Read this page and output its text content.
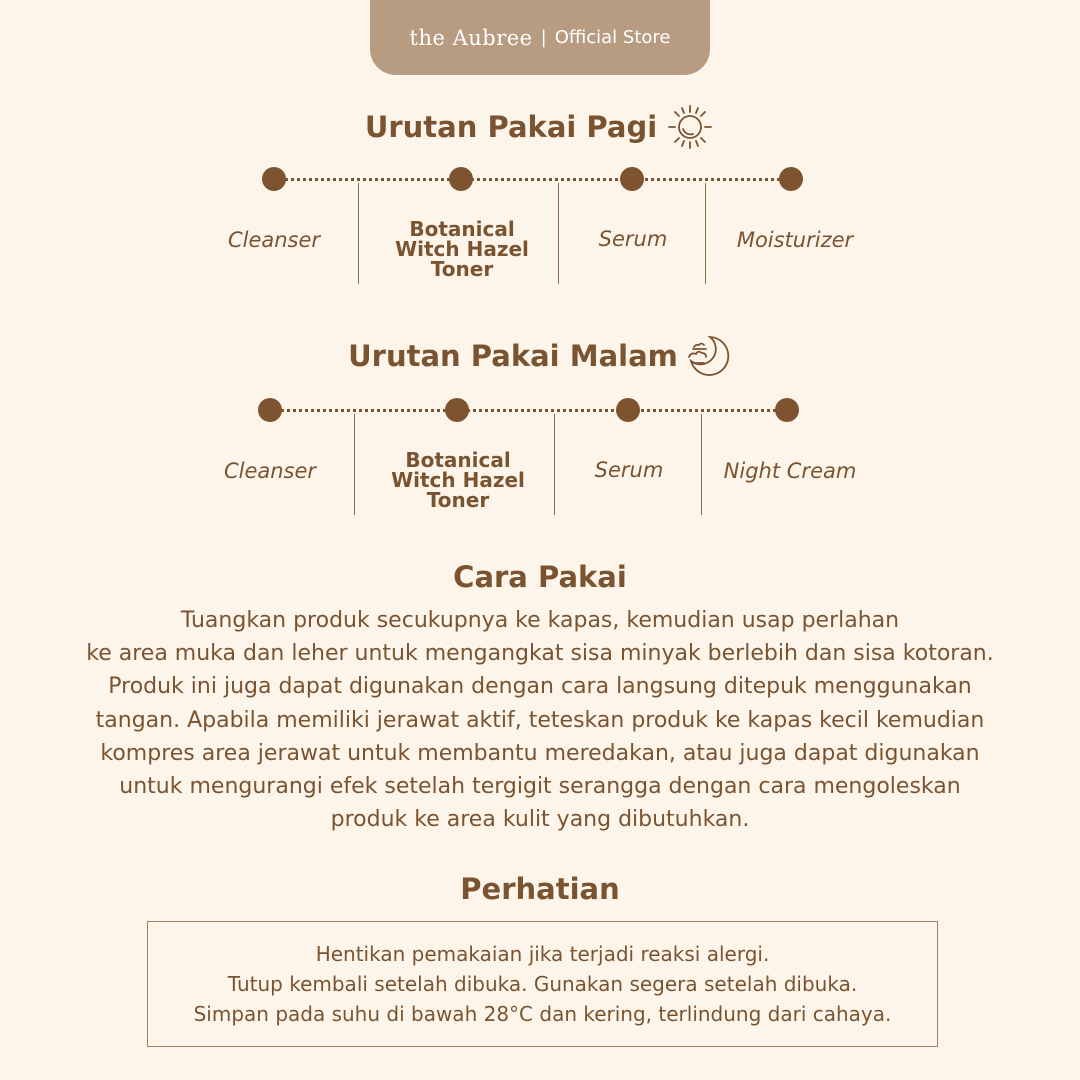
the Aubree | Official Store
Urutan Pakai Pagi
Cleanser	Botanical Witch Hazel Toner
Serum	Moisturizer
Urutan Pakai Malam
Cleanser	Botanical Witch Hazel Toner
Serum	Night Cream
Cara Pakai
Tuangkan produk secukupnya ke kapas, kemudian usap perlahan
ke area muka dan leher untuk mengangkat sisa minyak berlebih dan sisa kotoran.
Produk ini juga dapat digunakan dengan cara langsung ditepuk menggunakan
tangan. Apabila memiliki jerawat aktif, teteskan produk ke kapas kecil kemudian
kompres area jerawat untuk membantu meredakan, atau juga dapat digunakan
untuk mengurangi efek setelah tergigit serangga dengan cara mengoleskan
produk ke area kulit yang dibutuhkan.
Perhatian
Hentikan pemakaian jika terjadi reaksi alergi.
Tutup kembali setelah dibuka. Gunakan segera setelah dibuka.
Simpan pada suhu di bawah 28°C dan kering, terlindung dari cahaya.
